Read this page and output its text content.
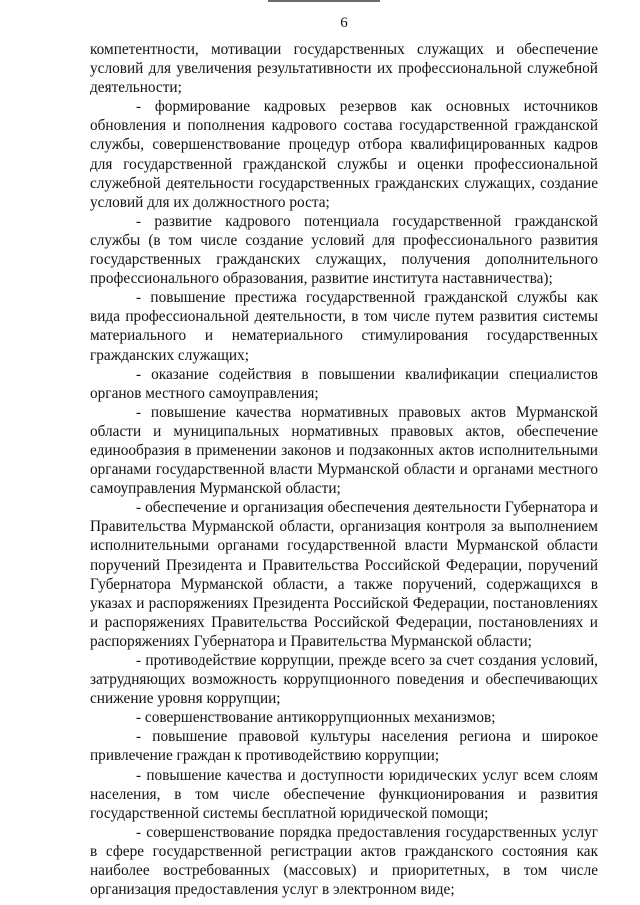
6

компетентности, мотивации государственных служащих и обеспечение условий для увеличения результативности их профессиональной служебной деятельности;

- формирование кадровых резервов как основных источников обновления и пополнения кадрового состава государственной гражданской службы, совершенствование процедур отбора квалифицированных кадров для государственной гражданской службы и оценки профессиональной служебной деятельности государственных гражданских служащих, создание условий для их должностного роста;

- развитие кадрового потенциала государственной гражданской службы (в том числе создание условий для профессионального развития государственных гражданских служащих, получения дополнительного профессионального образования, развитие института наставничества);

- повышение престижа государственной гражданской службы как вида профессиональной деятельности, в том числе путем развития системы материального и нематериального стимулирования государственных гражданских служащих;

- оказание содействия в повышении квалификации специалистов органов местного самоуправления;

- повышение качества нормативных правовых актов Мурманской области и муниципальных нормативных правовых актов, обеспечение единообразия в применении законов и подзаконных актов исполнительными органами государственной власти Мурманской области и органами местного самоуправления Мурманской области;

- обеспечение и организация обеспечения деятельности Губернатора и Правительства Мурманской области, организация контроля за выполнением исполнительными органами государственной власти Мурманской области поручений Президента и Правительства Российской Федерации, поручений Губернатора Мурманской области, а также поручений, содержащихся в указах и распоряжениях Президента Российской Федерации, постановлениях и распоряжениях Правительства Российской Федерации, постановлениях и распоряжениях Губернатора и Правительства Мурманской области;

- противодействие коррупции, прежде всего за счет создания условий, затрудняющих возможность коррупционного поведения и обеспечивающих снижение уровня коррупции;

- совершенствование антикоррупционных механизмов;

- повышение правовой культуры населения региона и широкое привлечение граждан к противодействию коррупции;

- повышение качества и доступности юридических услуг всем слоям населения, в том числе обеспечение функционирования и развития государственной системы бесплатной юридической помощи;

- совершенствование порядка предоставления государственных услуг в сфере государственной регистрации актов гражданского состояния как наиболее востребованных (массовых) и приоритетных, в том числе организация предоставления услуг в электронном виде;
